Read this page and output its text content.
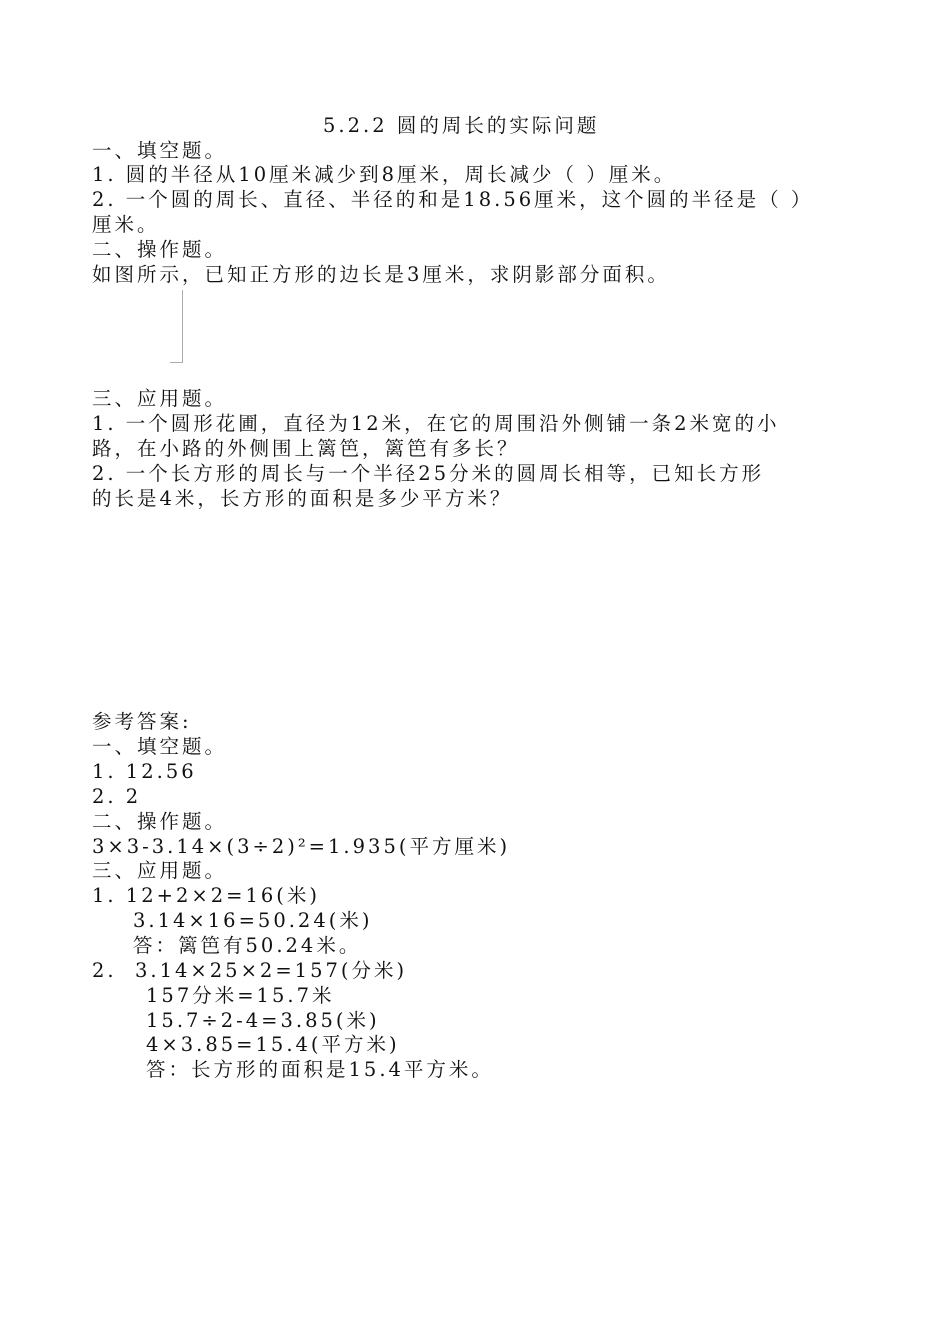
5.2.2 圆的周长的实际问题
一、填空题。
1. 圆的半径从10厘米减少到8厘米，周长减少（ ）厘米。
2. 一个圆的周长、直径、半径的和是18.56厘米，这个圆的半径是（ ）
厘米。
二、操作题。
如图所示，已知正方形的边长是3厘米，求阴影部分面积。
三、应用题。
1. 一个圆形花圃，直径为12米，在它的周围沿外侧铺一条2米宽的小
路，在小路的外侧围上篱笆，篱笆有多长？
2. 一个长方形的周长与一个半径25分米的圆周长相等，已知长方形
的长是4米，长方形的面积是多少平方米？
参考答案:
一、填空题。
1. 12.56
2. 2
二、操作题。
3×3-3.14×(3÷2)²=1.935(平方厘米)
三、应用题。
1. 12+2×2=16(米)
3.14×16=50.24(米)
答：篱笆有50.24米。
2.  3.14×25×2=157(分米)
157分米=15.7米
15.7÷2-4=3.85(米)
4×3.85=15.4(平方米)
答：长方形的面积是15.4平方米。
